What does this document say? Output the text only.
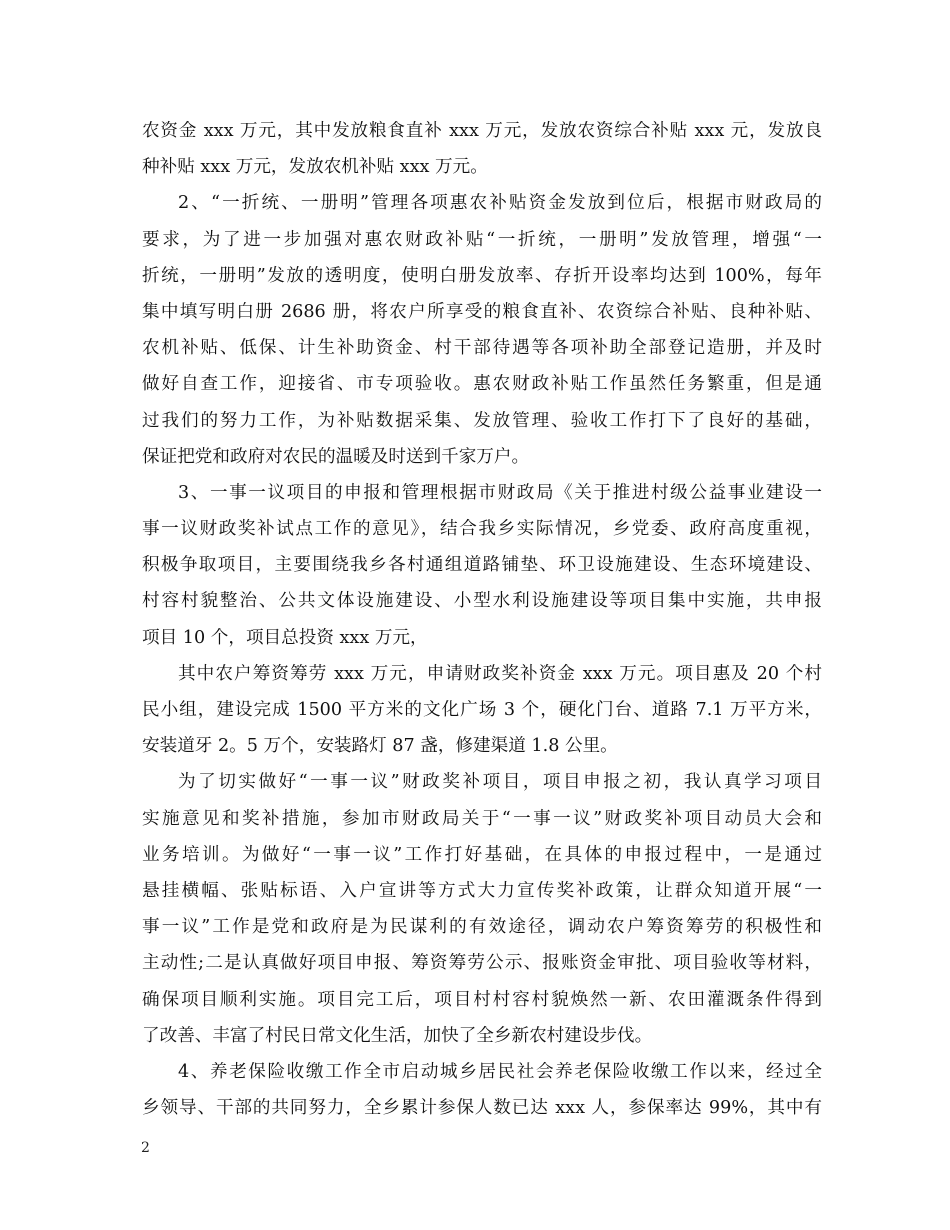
农资金 xxx 万元，其中发放粮食直补 xxx 万元，发放农资综合补贴 xxx 元，发放良
种补贴 xxx 万元，发放农机补贴 xxx 万元。
2、“一折统、一册明”管理各项惠农补贴资金发放到位后，根据市财政局的
要求，为了进一步加强对惠农财政补贴“一折统，一册明”发放管理，增强“一
折统，一册明”发放的透明度，使明白册发放率、存折开设率均达到 100%，每年
集中填写明白册 2686 册，将农户所享受的粮食直补、农资综合补贴、良种补贴、
农机补贴、低保、计生补助资金、村干部待遇等各项补助全部登记造册，并及时
做好自查工作，迎接省、市专项验收。惠农财政补贴工作虽然任务繁重，但是通
过我们的努力工作，为补贴数据采集、发放管理、验收工作打下了良好的基础，
保证把党和政府对农民的温暖及时送到千家万户。
3、一事一议项目的申报和管理根据市财政局《关于推进村级公益事业建设一
事一议财政奖补试点工作的意见》，结合我乡实际情况，乡党委、政府高度重视，
积极争取项目，主要围绕我乡各村通组道路铺垫、环卫设施建设、生态环境建设、
村容村貌整治、公共文体设施建设、小型水利设施建设等项目集中实施，共申报
项目 10 个，项目总投资 xxx 万元，
其中农户筹资筹劳 xxx 万元，申请财政奖补资金 xxx 万元。项目惠及 20 个村
民小组，建设完成 1500 平方米的文化广场 3 个，硬化门台、道路 7.1 万平方米，
安装道牙 2。5 万个，安装路灯 87 盏，修建渠道 1.8 公里。
为了切实做好“一事一议”财政奖补项目，项目申报之初，我认真学习项目
实施意见和奖补措施，参加市财政局关于“一事一议”财政奖补项目动员大会和
业务培训。为做好“一事一议”工作打好基础，在具体的申报过程中，一是通过
悬挂横幅、张贴标语、入户宣讲等方式大力宣传奖补政策，让群众知道开展“一
事一议”工作是党和政府是为民谋利的有效途径，调动农户筹资筹劳的积极性和
主动性;二是认真做好项目申报、筹资筹劳公示、报账资金审批、项目验收等材料，
确保项目顺利实施。项目完工后，项目村村容村貌焕然一新、农田灌溉条件得到
了改善、丰富了村民日常文化生活，加快了全乡新农村建设步伐。
4、养老保险收缴工作全市启动城乡居民社会养老保险收缴工作以来，经过全
乡领导、干部的共同努力，全乡累计参保人数已达 xxx 人，参保率达 99%，其中有
2
